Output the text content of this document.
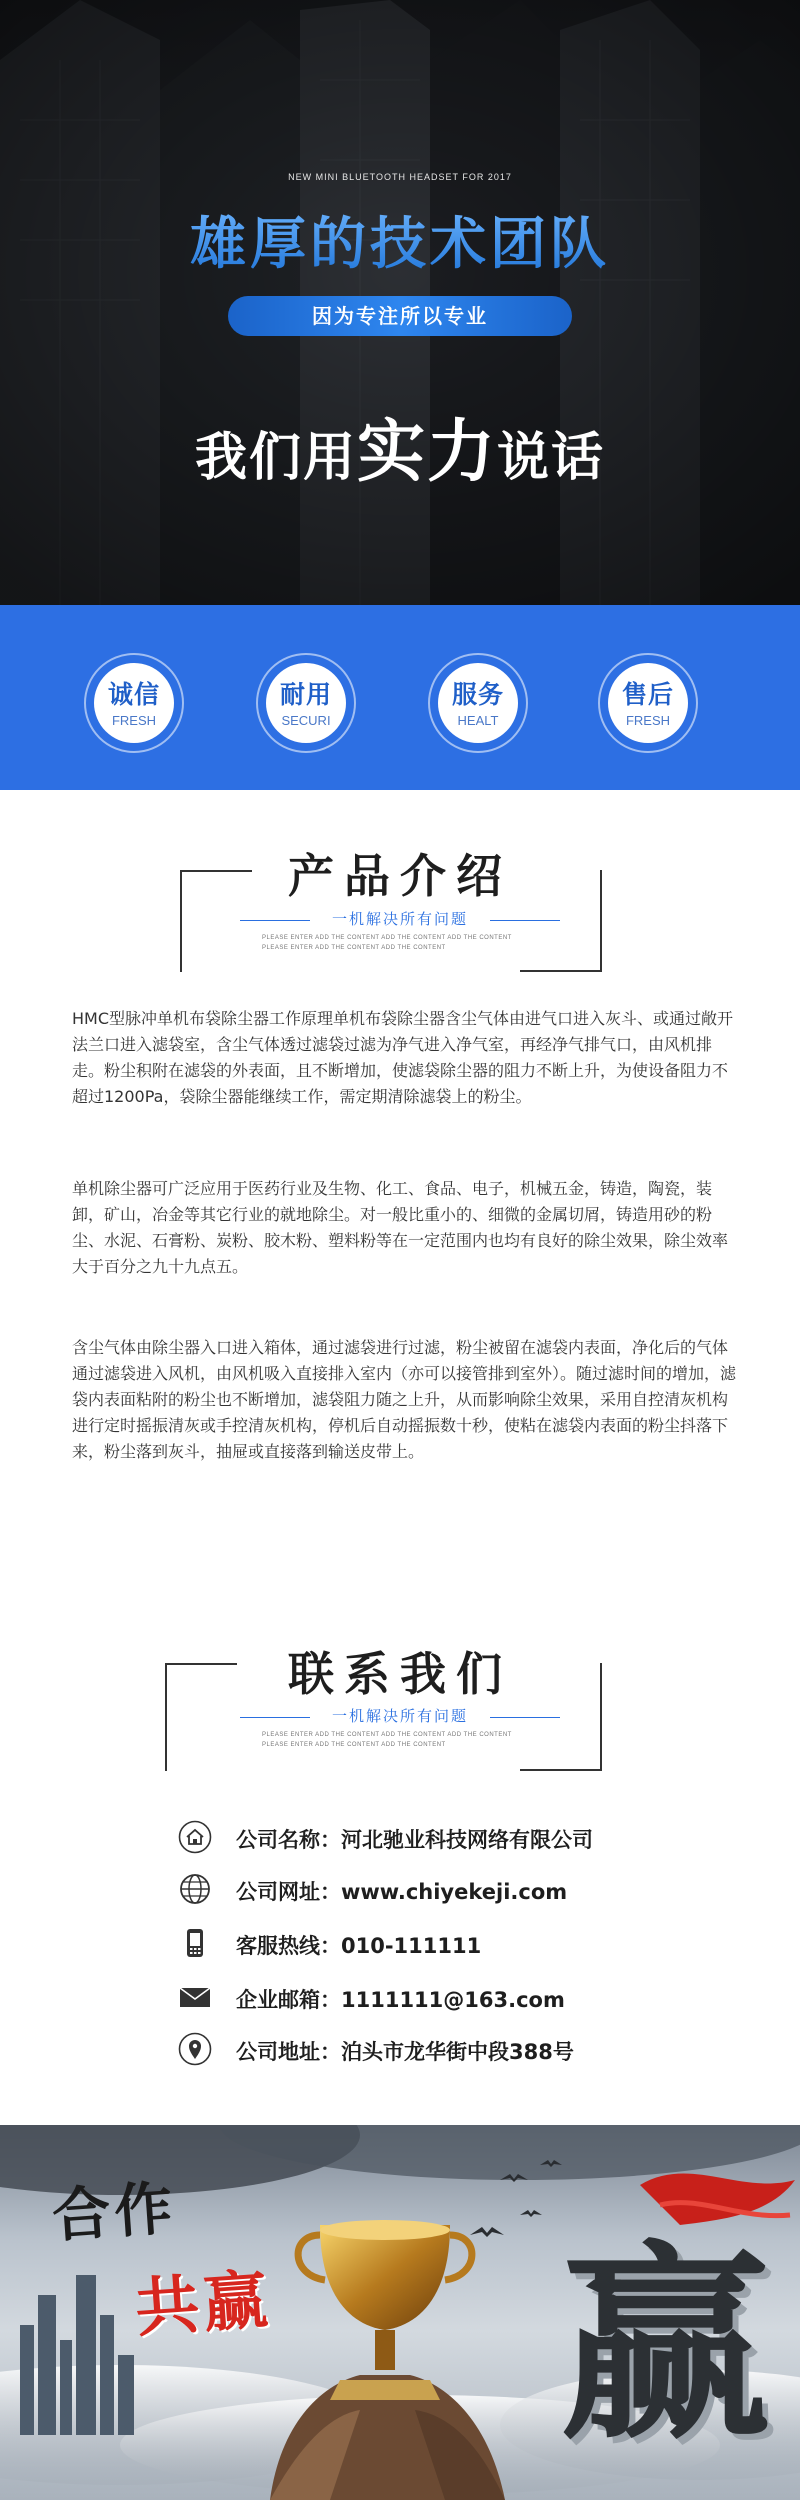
NEW MINI BLUETOOTH HEADSET FOR 2017
雄厚的技术团队
因为专注所以专业
我们用实力说话
诚信
FRESH
耐用
SECURI
服务
HEALT
售后
FRESH
产品介绍
一机解决所有问题
PLEASE ENTER ADD THE CONTENT ADD THE CONTENT ADD THE CONTENT
PLEASE ENTER ADD THE CONTENT ADD THE CONTENT
HMC型脉冲单机布袋除尘器工作原理单机布袋除尘器含尘气体由进气口进入灰斗、或通过敞开法兰口进入滤袋室，含尘气体透过滤袋过滤为净气进入净气室，再经净气排气口，由风机排走。粉尘积附在滤袋的外表面，且不断增加，使滤袋除尘器的阻力不断上升，为使设备阻力不超过1200Pa，袋除尘器能继续工作，需定期清除滤袋上的粉尘。
单机除尘器可广泛应用于医药行业及生物、化工、食品、电子，机械五金，铸造，陶瓷，装卸，矿山，冶金等其它行业的就地除尘。对一般比重小的、细微的金属切屑，铸造用砂的粉尘、水泥、石膏粉、炭粉、胶木粉、塑料粉等在一定范围内也均有良好的除尘效果，除尘效率大于百分之九十九点五。
含尘气体由除尘器入口进入箱体，通过滤袋进行过滤，粉尘被留在滤袋内表面，净化后的气体通过滤袋进入风机，由风机吸入直接排入室内（亦可以接管排到室外）。随过滤时间的增加，滤袋内表面粘附的粉尘也不断增加，滤袋阻力随之上升，从而影响除尘效果，采用自控清灰机构进行定时摇振清灰或手控清灰机构，停机后自动摇振数十秒，使粘在滤袋内表面的粉尘抖落下来，粉尘落到灰斗，抽屉或直接落到输送皮带上。
联系我们
一机解决所有问题
PLEASE ENTER ADD THE CONTENT ADD THE CONTENT ADD THE CONTENT
PLEASE ENTER ADD THE CONTENT ADD THE CONTENT
公司名称：河北驰业科技网络有限公司
公司网址：www.chiyekeji.com
客服热线：010-111111
企业邮箱：1111111@163.com
公司地址：泊头市龙华街中段388号
合作
共赢 赢
